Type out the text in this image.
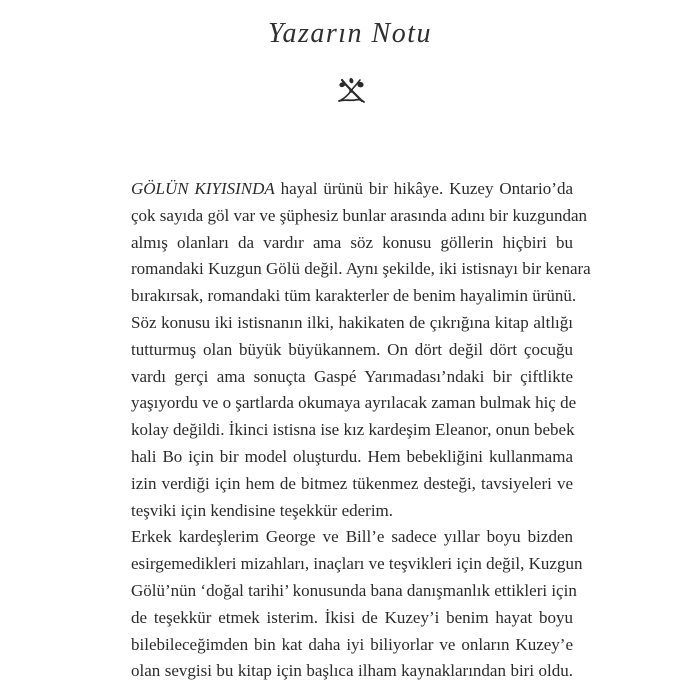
Yazarın Notu

GÖLÜN KIYISINDA hayal ürünü bir hikâye. Kuzey Ontario’da
çok sayıda göl var ve şüphesiz bunlar arasında adını bir kuzgundan
almış olanları da vardır ama söz konusu göllerin hiçbiri bu
romandaki Kuzgun Gölü değil. Aynı şekilde, iki istisnayı bir kenara
bırakırsak, romandaki tüm karakterler de benim hayalimin ürünü.
Söz konusu iki istisnanın ilki, hakikaten de çıkrığına kitap altlığı
tutturmuş olan büyük büyükannem. On dört değil dört çocuğu
vardı gerçi ama sonuçta Gaspé Yarımadası’ndaki bir çiftlikte
yaşıyordu ve o şartlarda okumaya ayrılacak zaman bulmak hiç de
kolay değildi. İkinci istisna ise kız kardeşim Eleanor, onun bebek
hali Bo için bir model oluşturdu. Hem bebekliğini kullanmama
izin verdiği için hem de bitmez tükenmez desteği, tavsiyeleri ve
teşviki için kendisine teşekkür ederim.

Erkek kardeşlerim George ve Bill’e sadece yıllar boyu bizden
esirgemedikleri mizahları, inaçları ve teşvikleri için değil, Kuzgun
Gölü’nün ‘doğal tarihi’ konusunda bana danışmanlık ettikleri için
de teşekkür etmek isterim. İkisi de Kuzey’i benim hayat boyu
bilebileceğimden bin kat daha iyi biliyorlar ve onların Kuzey’e
olan sevgisi bu kitap için başlıca ilham kaynaklarından biri oldu.
